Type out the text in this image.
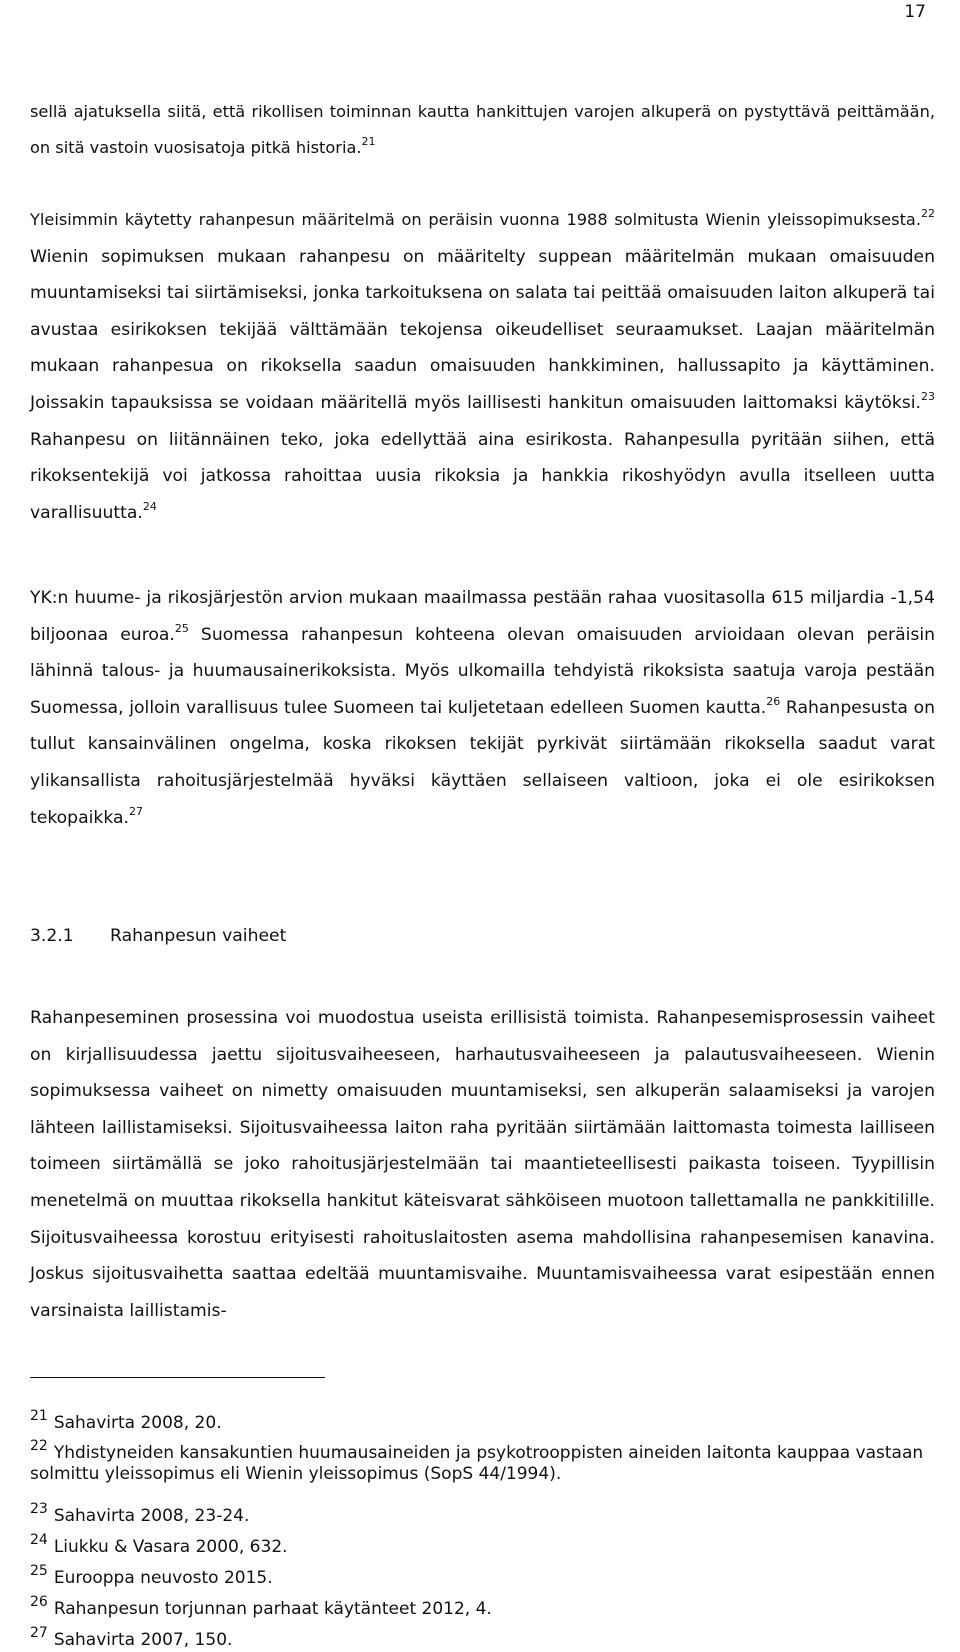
17
sellä ajatuksella siitä, että rikollisen toiminnan kautta hankittujen varojen alkuperä on pystyttävä peittämään, on sitä vastoin vuosisatoja pitkä historia.$^{21}$
Yleisimmin käytetty rahanpesun määritelmä on peräisin vuonna 1988 solmitusta Wienin yleissopimuksesta.$^{22}$ Wienin sopimuksen mukaan rahanpesu on määritelty suppean määritelmän mukaan omaisuuden muuntamiseksi tai siirtämiseksi, jonka tarkoituksena on salata tai peittää omaisuuden laiton alkuperä tai avustaa esirikoksen tekijää välttämään tekojensa oikeudelliset seuraamukset. Laajan määritelmän mukaan rahanpesua on rikoksella saadun omaisuuden hankkiminen, hallussapito ja käyttäminen. Joissakin tapauksissa se voidaan määritellä myös laillisesti hankitun omaisuuden laittomaksi käytöksi.$^{23}$ Rahanpesu on liitännäinen teko, joka edellyttää aina esirikosta. Rahanpesulla pyritään siihen, että rikoksentekijä voi jatkossa rahoittaa uusia rikoksia ja hankkia rikoshyödyn avulla itselleen uutta varallisuutta.$^{24}$
YK:n huume- ja rikosjärjestön arvion mukaan maailmassa pestään rahaa vuositasolla 615 miljardia -1,54 biljoonaa euroa.$^{25}$ Suomessa rahanpesun kohteena olevan omaisuuden arvioidaan olevan peräisin lähinnä talous- ja huumausainerikoksista. Myös ulkomailla tehdyistä rikoksista saatuja varoja pestään Suomessa, jolloin varallisuus tulee Suomeen tai kuljetetaan edelleen Suomen kautta.$^{26}$ Rahanpesusta on tullut kansainvälinen ongelma, koska rikoksen tekijät pyrkivät siirtämään rikoksella saadut varat ylikansallista rahoitusjärjestelmää hyväksi käyttäen sellaiseen valtioon, joka ei ole esirikoksen tekopaikka.$^{27}$
3.2.1 Rahanpesun vaiheet
Rahanpeseminen prosessina voi muodostua useista erillisistä toimista. Rahanpesemisprosessin vaiheet on kirjallisuudessa jaettu sijoitusvaiheeseen, harhautusvaiheeseen ja palautusvaiheeseen. Wienin sopimuksessa vaiheet on nimetty omaisuuden muuntamiseksi, sen alkuperän salaamiseksi ja varojen lähteen laillistamiseksi. Sijoitusvaiheessa laiton raha pyritään siirtämään laittomasta toimesta lailliseen toimeen siirtämällä se joko rahoitusjärjestelmään tai maantieteellisesti paikasta toiseen. Tyypillisin menetelmä on muuttaa rikoksella hankitut käteisvarat sähköiseen muotoon tallettamalla ne pankkitilille. Sijoitusvaiheessa korostuu erityisesti rahoituslaitosten asema mahdollisina rahanpesemisen kanavina. Joskus sijoitusvaihetta saattaa edeltää muuntamisvaihe. Muuntamisvaiheessa varat esipestään ennen varsinaista laillistamis-
$^{21}$ Sahavirta 2008, 20.
$^{22}$ Yhdistyneiden kansakuntien huumausaineiden ja psykotrooppisten aineiden laitonta kauppaa vastaan solmittu yleissopimus eli Wienin yleissopimus (SopS 44/1994).
$^{23}$ Sahavirta 2008, 23-24.
$^{24}$ Liukku & Vasara 2000, 632.
$^{25}$ Eurooppa neuvosto 2015.
$^{26}$ Rahanpesun torjunnan parhaat käytänteet 2012, 4.
$^{27}$ Sahavirta 2007, 150.
